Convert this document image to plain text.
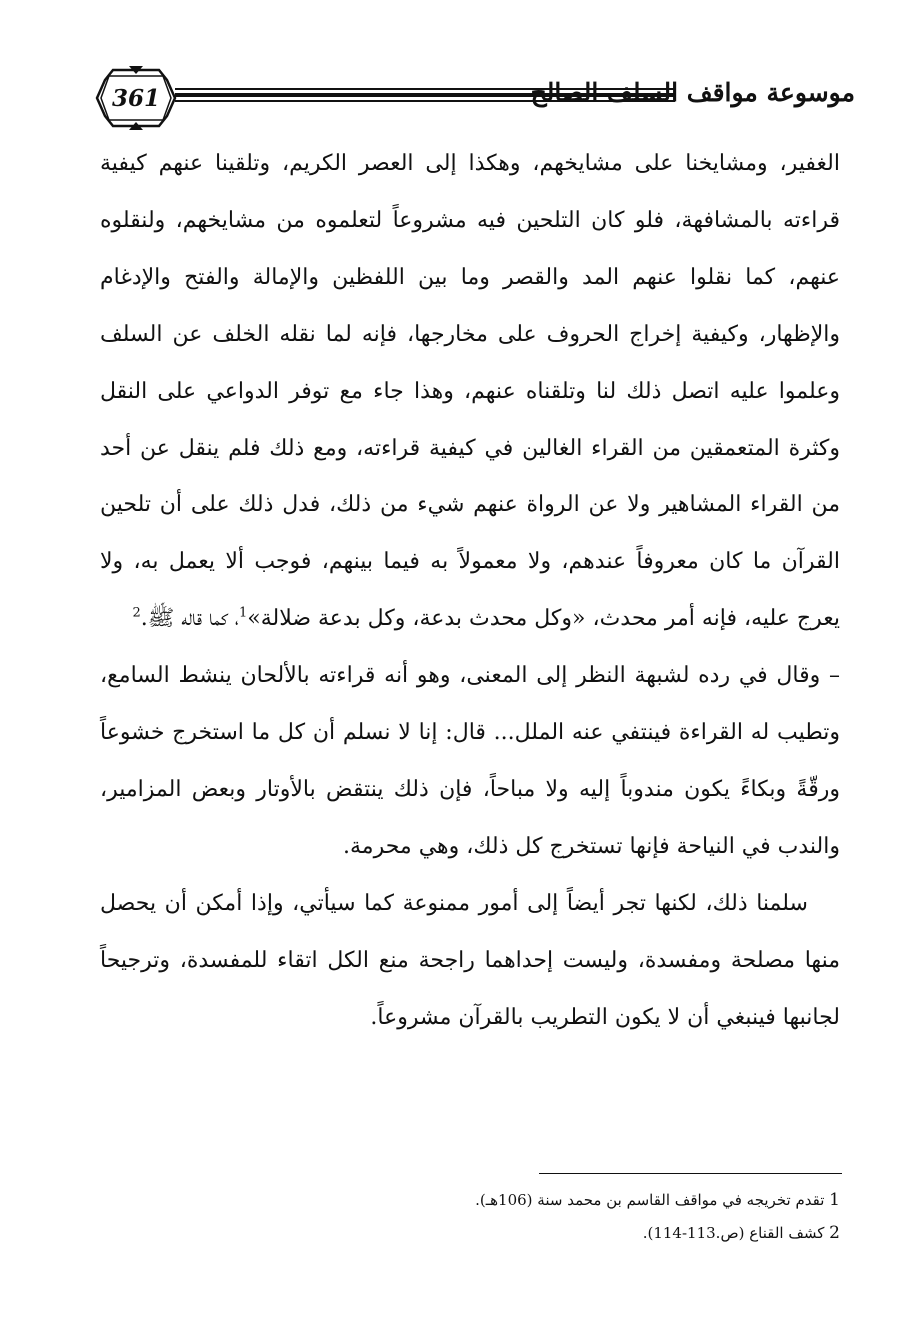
361	موسوعة مواقف السلف الصالح

الغفير، ومشايخنا على مشايخهم، وهكذا إلى العصر الكريم، وتلقينا عنهم كيفية قراءته بالمشافهة، فلو كان التلحين فيه مشروعاً لتعلموه من مشايخهم، ولنقلوه عنهم، كما نقلوا عنهم المد والقصر وما بين اللفظين والإمالة والفتح والإدغام والإظهار، وكيفية إخراج الحروف على مخارجها، فإنه لما نقله الخلف عن السلف وعلموا عليه اتصل ذلك لنا وتلقناه عنهم، وهذا جاء مع توفر الدواعي على النقل وكثرة المتعمقين من القراء الغالين في كيفية قراءته، ومع ذلك فلم ينقل عن أحد من القراء المشاهير ولا عن الرواة عنهم شيء من ذلك، فدل ذلك على أن تلحين القرآن ما كان معروفاً عندهم، ولا معمولاً به فيما بينهم، فوجب ألا يعمل به، ولا يعرج عليه، فإنه أمر محدث، «وكل محدث بدعة، وكل بدعة ضلالة»$^1$، كما قاله ﷺ.$^2$

– وقال في رده لشبهة النظر إلى المعنى، وهو أنه قراءته بالألحان ينشط السامع، وتطيب له القراءة فينتفي عنه الملل... قال: إنا لا نسلم أن كل ما استخرج خشوعاً ورقّةً وبكاءً يكون مندوباً إليه ولا مباحاً، فإن ذلك ينتقض بالأوتار وبعض المزامير، والندب في النياحة فإنها تستخرج كل ذلك، وهي محرمة.

سلمنا ذلك، لكنها تجر أيضاً إلى أمور ممنوعة كما سيأتي، وإذا أمكن أن يحصل منها مصلحة ومفسدة، وليست إحداهما راجحة منع الكل اتقاء للمفسدة، وترجيحاً لجانبها فينبغي أن لا يكون التطريب بالقرآن مشروعاً.

1 تقدم تخريجه في مواقف القاسم بن محمد سنة (106هـ).

2 كشف القناع (ص.113-114).
